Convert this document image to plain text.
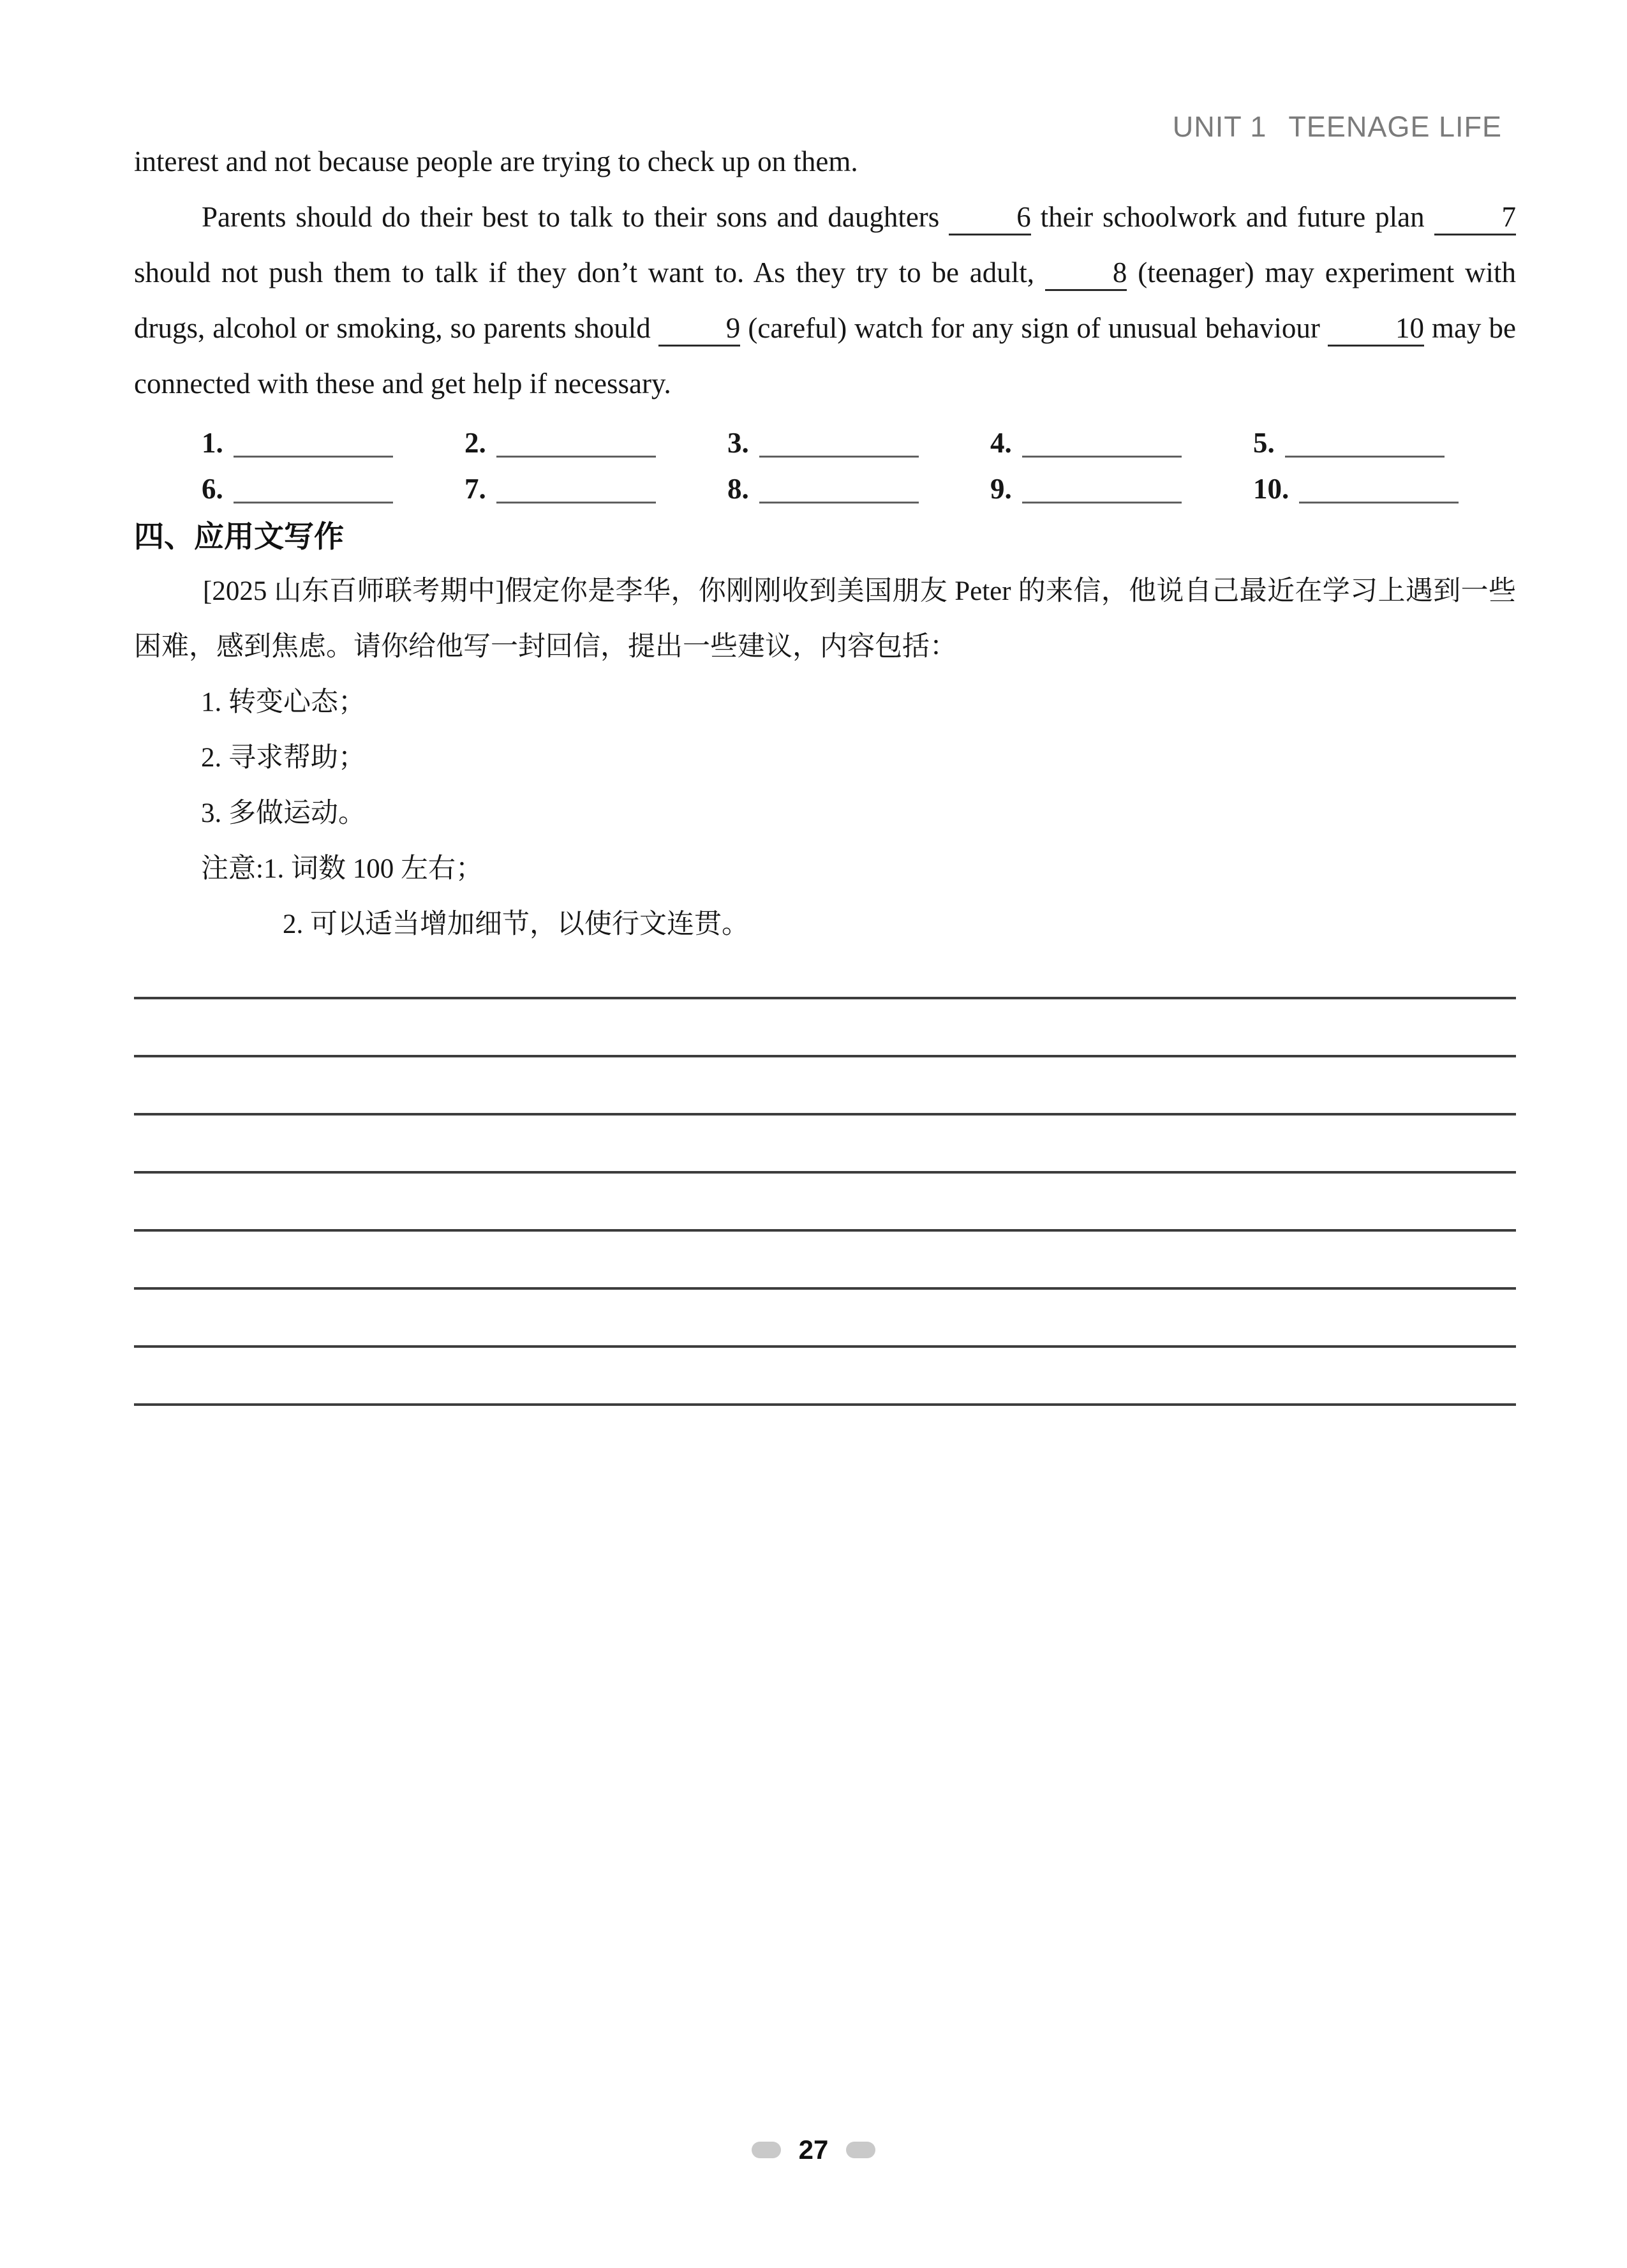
UNIT 1 TEENAGE LIFE

interest and not because people are trying to check up on them.

Parents should do their best to talk to their sons and daughters 6 their schoolwork and future plan 7 should not push them to talk if they don’t want to. As they try to be adult, 8 (teenager) may experiment with drugs, alcohol or smoking, so parents should 9 (careful) watch for any sign of unusual behaviour 10 may be connected with these and get help if necessary.

1.	2.	3.	4.	5.
6.	7.	8.	9.	10.
四、应用文写作

[2025 山东百师联考期中]假定你是李华，你刚刚收到美国朋友 Peter 的来信，他说自己最近在学习上遇到一些困难，感到焦虑。请你给他写一封回信，提出一些建议，内容包括：

1. 转变心态；
2. 寻求帮助；
3. 多做运动。
注意:1. 词数 100 左右；
2. 可以适当增加细节，以使行文连贯。
27
